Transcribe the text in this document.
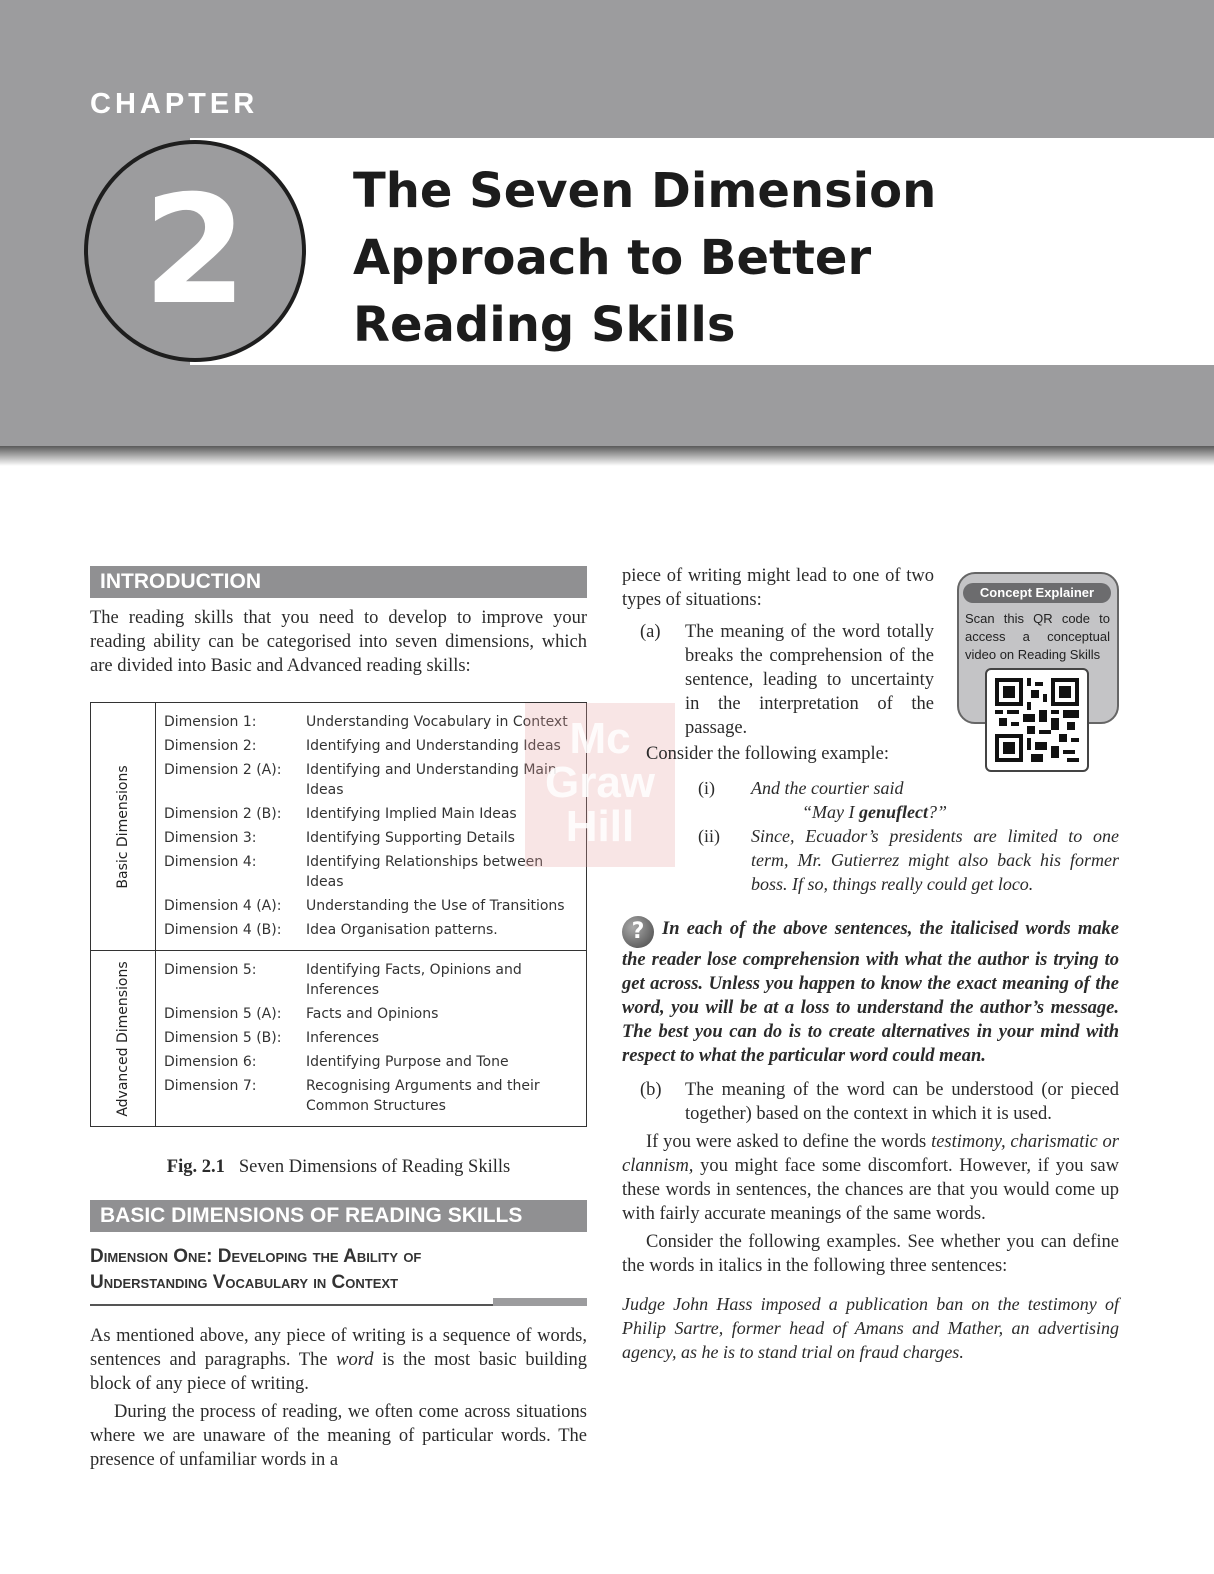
CHAPTER
2	The Seven Dimension
Approach to Better
Reading Skills
INTRODUCTION

The reading skills that you need to develop to improve your reading ability can be categorised into seven dimensions, which are divided into Basic and Advanced reading skills:

Basic Dimensions
Dimension 1:	Understanding Vocabulary in Context
Dimension 2:	Identifying and Understanding Ideas
Dimension 2 (A):	Identifying and Understanding Main Ideas
Dimension 2 (B):	Identifying Implied Main Ideas
Dimension 3:	Identifying Supporting Details
Dimension 4:	Identifying Relationships between Ideas
Dimension 4 (A):	Understanding the Use of Transitions
Dimension 4 (B):	Idea Organisation patterns.
Advanced Dimensions Dimension 5:	Identifying Facts, Opinions and Inferences
Dimension 5 (A):	Facts and Opinions
Dimension 5 (B):	Inferences
Dimension 6:	Identifying Purpose and Tone
Dimension 7:	Recognising Arguments and their Common Structures
Mc
Graw
Hill
Fig. 2.1 Seven Dimensions of Reading Skills
BASIC DIMENSIONS OF READING SKILLS
Dimension One: Developing the Ability of
Understanding Vocabulary in Context

As mentioned above, any piece of writing is a sequence of words, sentences and paragraphs. The word is the most basic building block of any piece of writing.

During the process of reading, we often come across situations where we are unaware of the meaning of particular words. The presence of unfamiliar words in a

Concept Explainer
Scan this QR code to access a conceptual video on Reading Skills

piece of writing might lead to one of two types of situations:

(a)	The meaning of the word totally breaks the comprehension of the sentence, leading to uncertainty in the interpretation of the passage.

Consider the following example:

(i)	And the courtier said
“May I genuflect?”
(ii)	Since, Ecuador’s presidents are limited to one term, Mr. Gutierrez might also back his former boss. If so, things really could get loco.

? In each of the above sentences, the italicised words make the reader lose comprehension with what the author is trying to get across. Unless you happen to know the exact meaning of the word, you will be at a loss to understand the author’s message. The best you can do is to create alternatives in your mind with respect to what the particular word could mean.

(b)	The meaning of the word can be understood (or pieced together) based on the context in which it is used.

If you were asked to define the words testimony, charismatic or clannism, you might face some discomfort. However, if you saw these words in sentences, the chances are that you would come up with fairly accurate meanings of the same words.

Consider the following examples. See whether you can define the words in italics in the following three sentences:

Judge John Hass imposed a publication ban on the testimony of Philip Sartre, former head of Amans and Mather, an advertising agency, as he is to stand trial on fraud charges.
